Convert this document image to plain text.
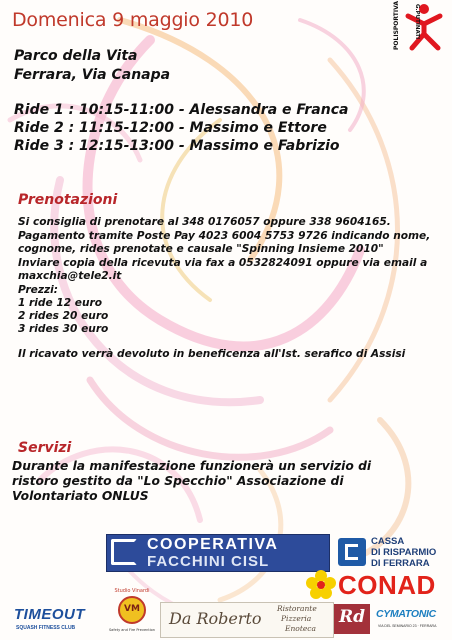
Domenica 9 maggio 2010	POLISPORTIVA	G.PUTINATI
Parco della Vita
Ferrara, Via Canapa
Ride 1 : 10:15-11:00 - Alessandra e Franca
Ride 2 : 11:15-12:00 - Massimo e Ettore
Ride 3 : 12:15-13:00 - Massimo e Fabrizio
Prenotazioni
Si consiglia di prenotare al 348 0176057 oppure 338 9604165.
Pagamento tramite Poste Pay 4023 6004 5753 9726 indicando nome,
cognome, rides prenotate e causale "Spinning Insieme 2010"
Inviare copia della ricevuta via fax a 0532824091 oppure via email a
maxchia@tele2.it
Prezzi:
1 ride 12 euro
2 rides 20 euro
3 rides 30 euro
Il ricavato verrà devoluto in beneficenza all'Ist. serafico di Assisi
Servizi
Durante la manifestazione funzionerà un servizio di
ristoro gestito da "Lo Specchio" Associazione di
Volontariato ONLUS
COOPERATIVA
FACCHINI CISL
CASSA
DI RISPARMIO
DI FERRARA
CONAD
TIMEOUT
SQUASH FITNESS CLUB
Studio Vinardi
VM
Safety and Fire Prevention
Da Roberto
Ristorante
Pizzeria
Enoteca
Rd	CYMATONIC
VIA DEL SEMINARIO 23 · FERRARA
